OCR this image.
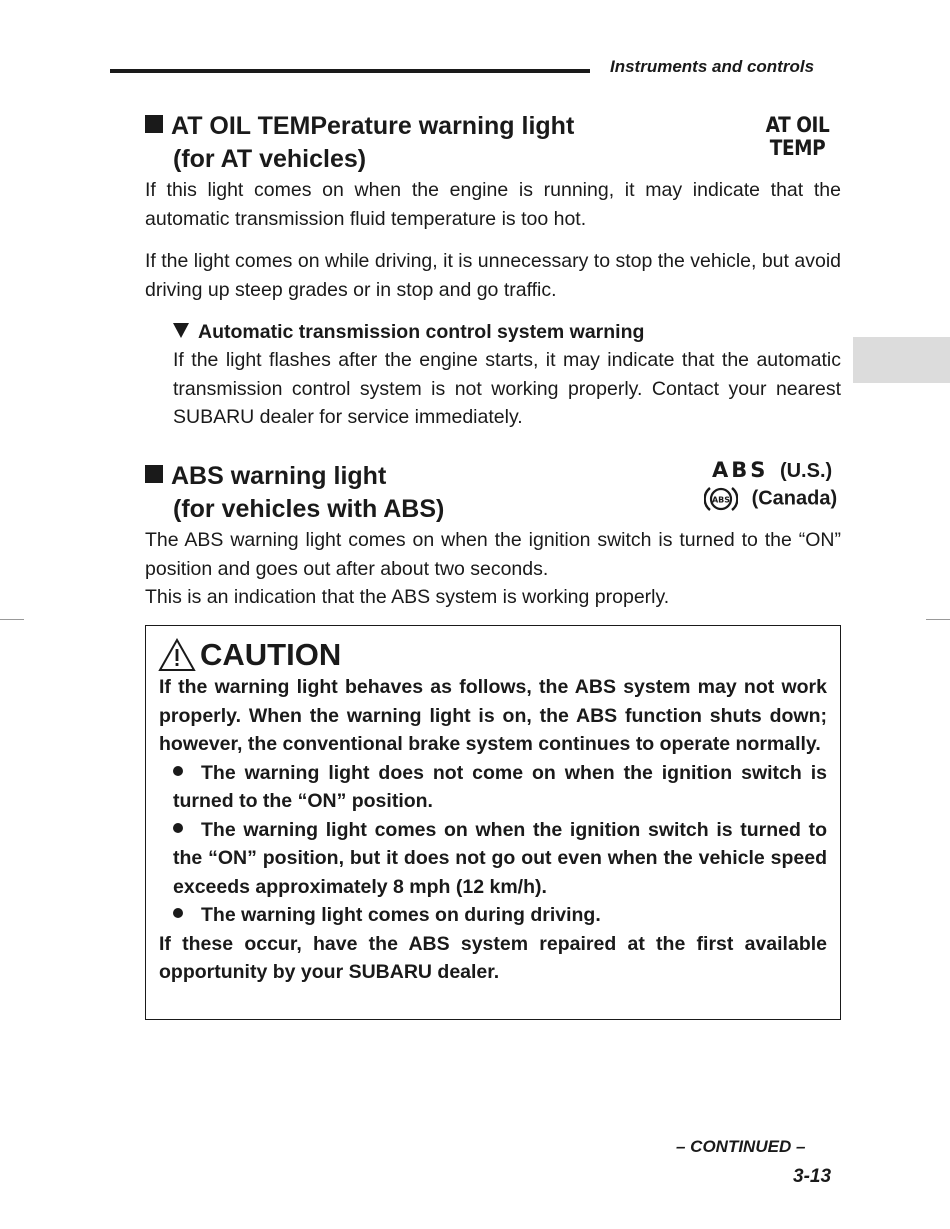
Instruments and controls
AT OIL TEMPerature warning light
(for AT vehicles)
AT OIL
TEMP

If this light comes on when the engine is running, it may indicate that the automatic transmission fluid temperature is too hot.

If the light comes on while driving, it is unnecessary to stop the vehicle, but avoid driving up steep grades or in stop and go traffic.

Automatic transmission control system warning
If the light flashes after the engine starts, it may indicate that the automatic transmission control system is not working properly. Contact your nearest SUBARU dealer for service immediately.
ABS warning light
(for vehicles with ABS)
ABS (U.S.)
ABS (Canada)
The ABS warning light comes on when the ignition switch is turned to the “ON” position and goes out after about two seconds.
This is an indication that the ABS system is working properly.
CAUTION
If the warning light behaves as follows, the ABS system may not work properly. When the warning light is on, the ABS function shuts down; however, the conventional brake system continues to operate normally.
The warning light does not come on when the ignition switch is turned to the “ON” position.
The warning light comes on when the ignition switch is turned to the “ON” position, but it does not go out even when the vehicle speed exceeds approximately 8 mph (12 km/h).
The warning light comes on during driving.
If these occur, have the ABS system repaired at the first available opportunity by your SUBARU dealer.
– CONTINUED –
3-13
